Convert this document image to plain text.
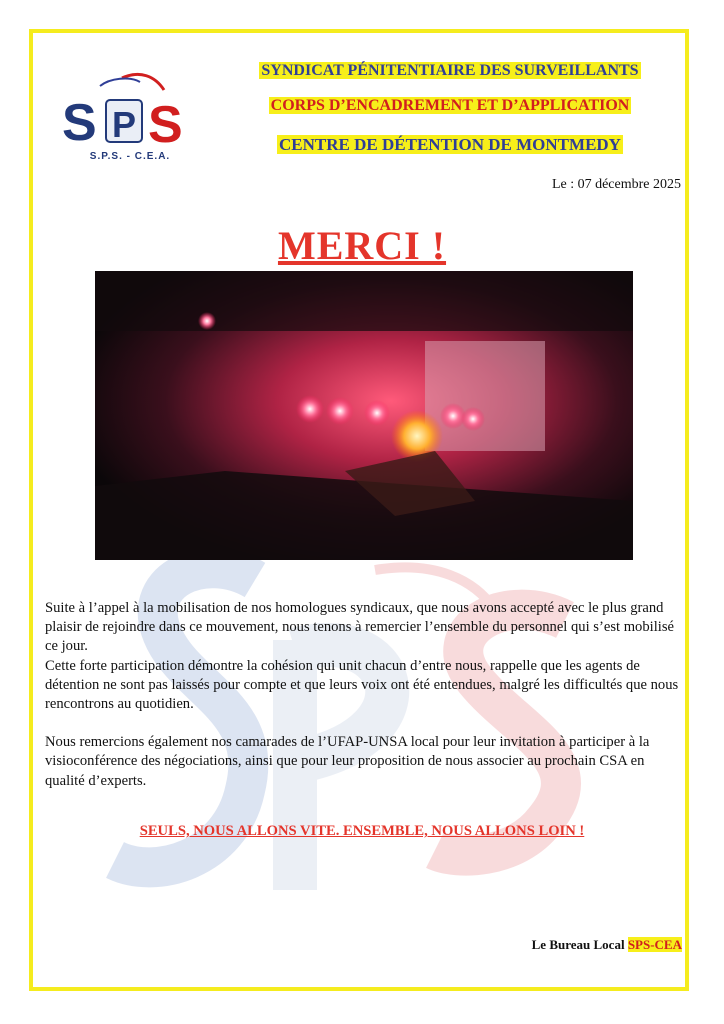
S P S
S.P.S. - C.E.A.
SYNDICAT PÉNITENTIAIRE DES SURVEILLANTS
CORPS D’ENCADREMENT ET D’APPLICATION
CENTRE DE DÉTENTION DE MONTMEDY
Le : 07 décembre 2025
MERCI !

Suite à l’appel à la mobilisation de nos homologues syndicaux, que nous avons accepté avec le plus grand plaisir de rejoindre dans ce mouvement, nous tenons à remercier l’ensemble du personnel qui s’est mobilisé ce jour.

Cette forte participation démontre la cohésion qui unit chacun d’entre nous, rappelle que les agents de détention ne sont pas laissés pour compte et que leurs voix ont été entendues, malgré les difficultés que nous rencontrons au quotidien.

Nous remercions également nos camarades de l’UFAP-UNSA local pour leur invitation à participer à la visioconférence des négociations, ainsi que pour leur proposition de nous associer au prochain CSA en qualité d’experts.

SEULS, NOUS ALLONS VITE. ENSEMBLE, NOUS ALLONS LOIN !
Le Bureau Local SPS-CEA
